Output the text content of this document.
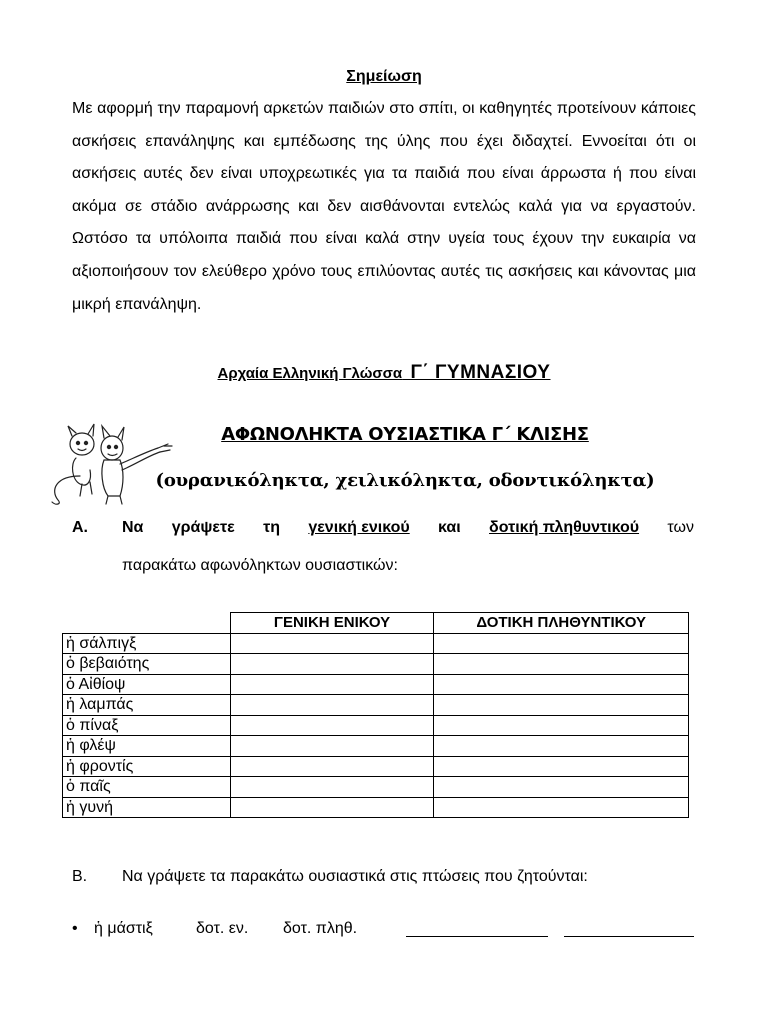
Σημείωση
Με αφορμή την παραμονή αρκετών παιδιών στο σπίτι, οι καθηγητές προτείνουν κάποιες ασκήσεις επανάληψης και εμπέδωσης της ύλης που έχει διδαχτεί. Εννοείται ότι οι ασκήσεις αυτές δεν είναι υποχρεωτικές για τα παιδιά που είναι άρρωστα ή που είναι ακόμα σε στάδιο ανάρρωσης και δεν αισθάνονται εντελώς καλά για να εργαστούν. Ωστόσο τα υπόλοιπα παιδιά που είναι καλά στην υγεία τους έχουν την ευκαιρία να αξιοποιήσουν τον ελεύθερο χρόνο τους επιλύοντας αυτές τις ασκήσεις και κάνοντας μια μικρή επανάληψη.
Αρχαία Ελληνική Γλώσσα Γ΄ ΓΥΜΝΑΣΙΟΥ
ΑΦΩΝΟΛΗΚΤΑ ΟΥΣΙΑΣΤΙΚΑ Γ΄ ΚΛΙΣΗΣ
(ουρανικόληκτα, χειλικόληκτα, οδοντικόληκτα)
Α. Να γράψετε τη γενική ενικού και δοτική πληθυντικού των
παρακάτω αφωνόληκτων ουσιαστικών:
	ΓΕΝΙΚΗ ΕΝΙΚΟΥ	ΔΟΤΙΚΗ ΠΛΗΘΥΝΤΙΚΟΥ
ἡ σάλπιγξ		
ὁ βεβαιότης		
ὁ Αἰθίοψ		
ἡ λαμπάς		
ὁ πίναξ		
ἡ φλέψ		
ἡ φροντίς		
ὁ παῖς		
ἡ γυνή		
Β. Να γράψετε τα παρακάτω ουσιαστικά στις πτώσεις που ζητούνται:
• ἡ μάστιξ	δοτ. εν. δοτ. πληθ.
